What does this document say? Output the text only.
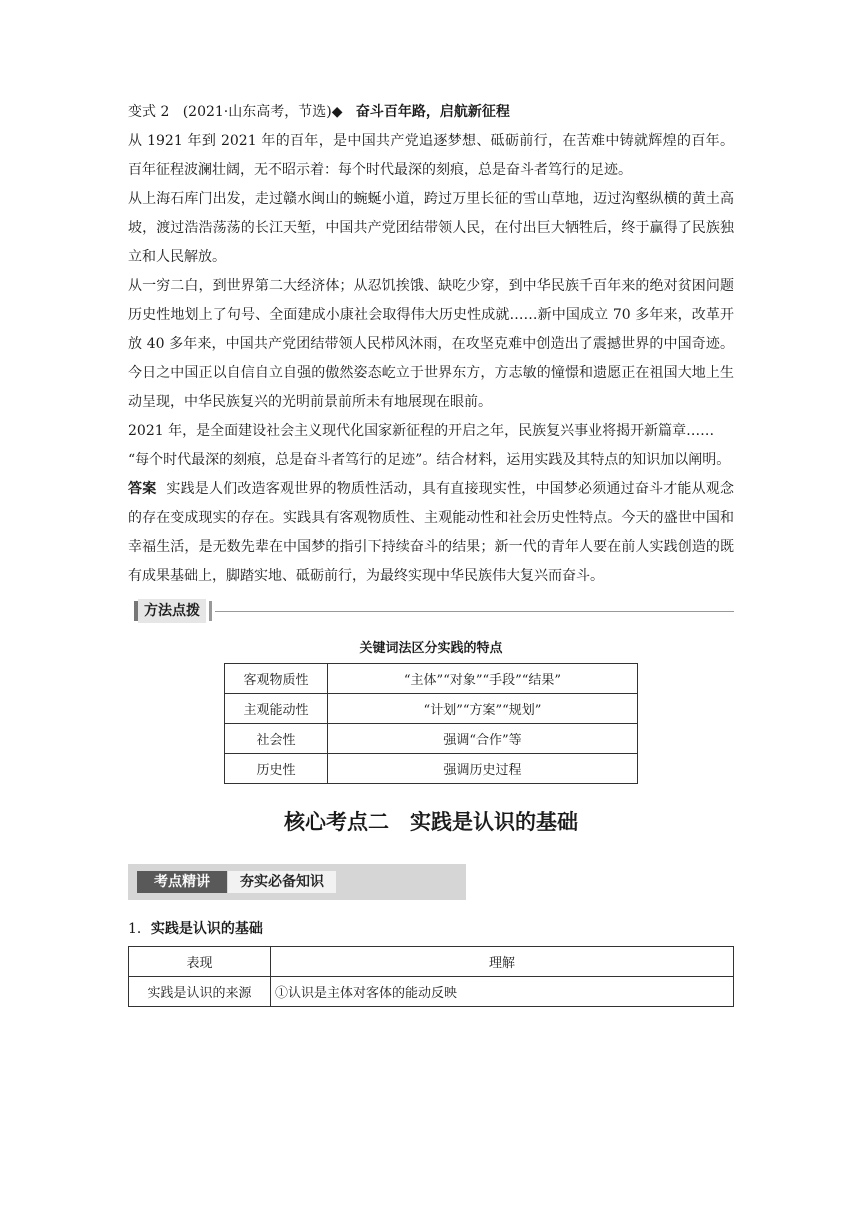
变式 2 (2021·山东高考，节选)◆ 奋斗百年路，启航新征程

从 1921 年到 2021 年的百年，是中国共产党追逐梦想、砥砺前行，在苦难中铸就辉煌的百年。百年征程波澜壮阔，无不昭示着：每个时代最深的刻痕，总是奋斗者笃行的足迹。

从上海石库门出发，走过赣水闽山的蜿蜒小道，跨过万里长征的雪山草地，迈过沟壑纵横的黄土高坡，渡过浩浩荡荡的长江天堑，中国共产党团结带领人民，在付出巨大牺牲后，终于赢得了民族独立和人民解放。

从一穷二白，到世界第二大经济体；从忍饥挨饿、缺吃少穿，到中华民族千百年来的绝对贫困问题历史性地划上了句号、全面建成小康社会取得伟大历史性成就……新中国成立 70 多年来，改革开放 40 多年来，中国共产党团结带领人民栉风沐雨，在攻坚克难中创造出了震撼世界的中国奇迹。今日之中国正以自信自立自强的傲然姿态屹立于世界东方，方志敏的憧憬和遗愿正在祖国大地上生动呈现，中华民族复兴的光明前景前所未有地展现在眼前。

2021 年，是全面建设社会主义现代化国家新征程的开启之年，民族复兴事业将揭开新篇章……

“每个时代最深的刻痕，总是奋斗者笃行的足迹”。结合材料，运用实践及其特点的知识加以阐明。

答案 实践是人们改造客观世界的物质性活动，具有直接现实性，中国梦必须通过奋斗才能从观念的存在变成现实的存在。实践具有客观物质性、主观能动性和社会历史性特点。今天的盛世中国和幸福生活，是无数先辈在中国梦的指引下持续奋斗的结果；新一代的青年人要在前人实践创造的既有成果基础上，脚踏实地、砥砺前行，为最终实现中华民族伟大复兴而奋斗。

方法点拨
关键词法区分实践的特点
客观物质性	“主体”“对象”“手段”“结果”
主观能动性	“计划”“方案”“规划”
社会性	强调“合作”等
历史性	强调历史过程
核心考点二　实践是认识的基础
考点精讲	夯实必备知识
1．实践是认识的基础
表现	理解
实践是认识的来源	①认识是主体对客体的能动反映
